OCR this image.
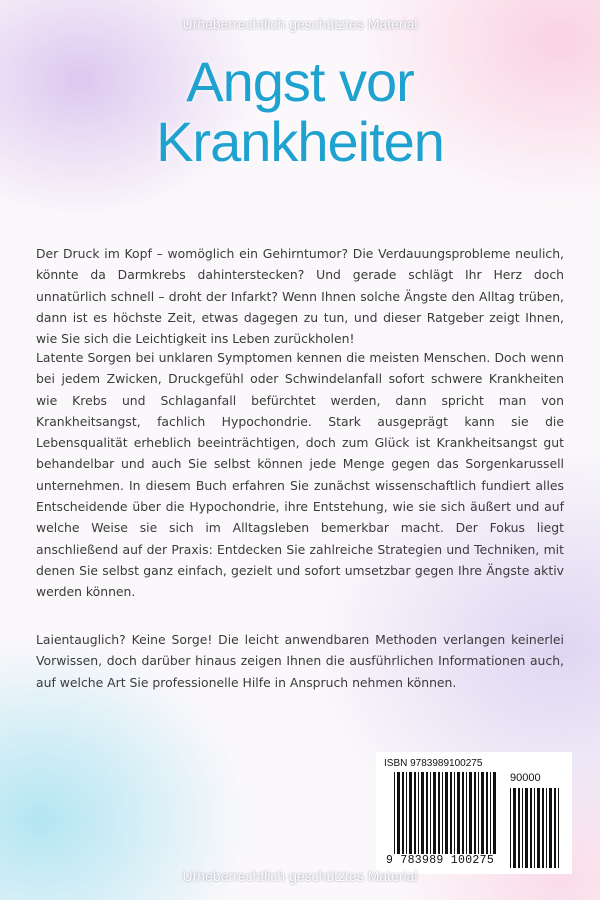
Urheberrechtlich geschütztes Material
Angst vor
Krankheiten
Der Druck im Kopf – womöglich ein Gehirntumor? Die Verdauungsprobleme neulich, könnte da Darmkrebs dahinterstecken? Und gerade schlägt Ihr Herz doch unnatürlich schnell – droht der Infarkt? Wenn Ihnen solche Ängste den Alltag trüben, dann ist es höchste Zeit, etwas dagegen zu tun, und dieser Ratgeber zeigt Ihnen, wie Sie sich die Leichtigkeit ins Leben zurückholen!
Latente Sorgen bei unklaren Symptomen kennen die meisten Menschen. Doch wenn bei jedem Zwicken, Druckgefühl oder Schwindelanfall sofort schwere Krankheiten wie Krebs und Schlaganfall befürchtet werden, dann spricht man von Krankheitsangst, fachlich Hypochondrie. Stark ausgeprägt kann sie die Lebensqualität erheblich beeinträchtigen, doch zum Glück ist Krankheitsangst gut behandelbar und auch Sie selbst können jede Menge gegen das Sorgenkarussell unternehmen. In diesem Buch erfahren Sie zunächst wissenschaftlich fundiert alles Entscheidende über die Hypochondrie, ihre Entstehung, wie sie sich äußert und auf welche Weise sie sich im Alltagsleben bemerkbar macht. Der Fokus liegt anschließend auf der Praxis: Entdecken Sie zahlreiche Strategien und Techniken, mit denen Sie selbst ganz einfach, gezielt und sofort umsetzbar gegen Ihre Ängste aktiv werden können.
Laientauglich? Keine Sorge! Die leicht anwendbaren Methoden verlangen keinerlei Vorwissen, doch darüber hinaus zeigen Ihnen die ausführlichen Informationen auch, auf welche Art Sie professionelle Hilfe in Anspruch nehmen können.
ISBN 9783989100275
90000
9 783989 100275
Urheberrechtlich geschütztes Material
